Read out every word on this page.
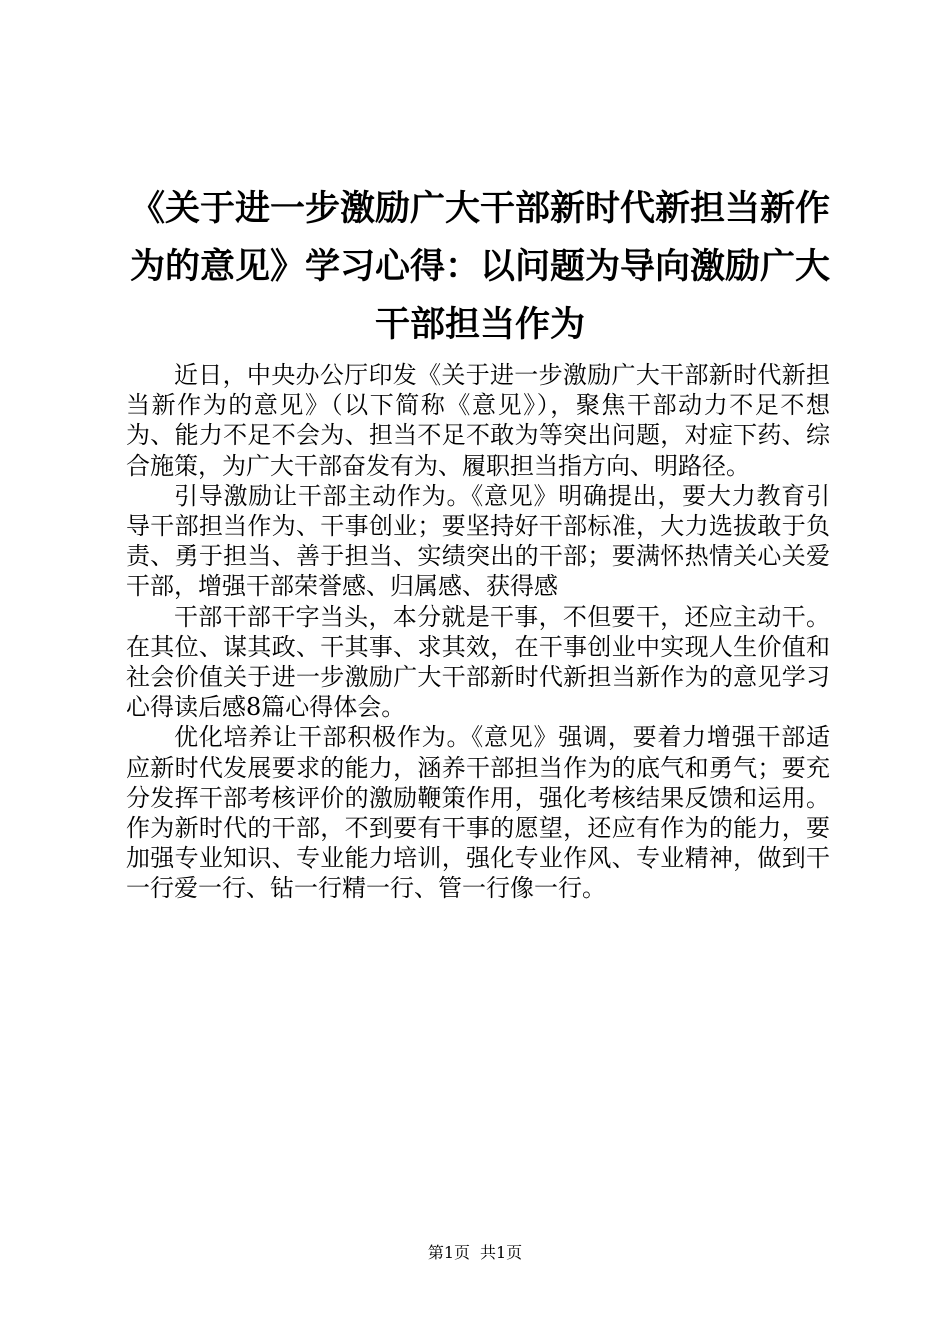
《关于进一步激励广大干部新时代新担当新作为的意见》学习心得：以问题为导向激励广大干部担当作为

近日，中央办公厅印发《关于进一步激励广大干部新时代新担当新作为的意见》（以下简称《意见》），聚焦干部动力不足不想为、能力不足不会为、担当不足不敢为等突出问题，对症下药、综合施策，为广大干部奋发有为、履职担当指方向、明路径。

引导激励让干部主动作为。《意见》明确提出，要大力教育引导干部担当作为、干事创业；要坚持好干部标准，大力选拔敢于负责、勇于担当、善于担当、实绩突出的干部；要满怀热情关心关爱干部，增强干部荣誉感、归属感、获得感

干部干部干字当头，本分就是干事，不但要干，还应主动干。在其位、谋其政、干其事、求其效，在干事创业中实现人生价值和社会价值关于进一步激励广大干部新时代新担当新作为的意见学习心得读后感8篇心得体会。

优化培养让干部积极作为。《意见》强调，要着力增强干部适应新时代发展要求的能力，涵养干部担当作为的底气和勇气；要充分发挥干部考核评价的激励鞭策作用，强化考核结果反馈和运用。作为新时代的干部，不到要有干事的愿望，还应有作为的能力，要加强专业知识、专业能力培训，强化专业作风、专业精神，做到干一行爱一行、钻一行精一行、管一行像一行。

第1页 共1页
